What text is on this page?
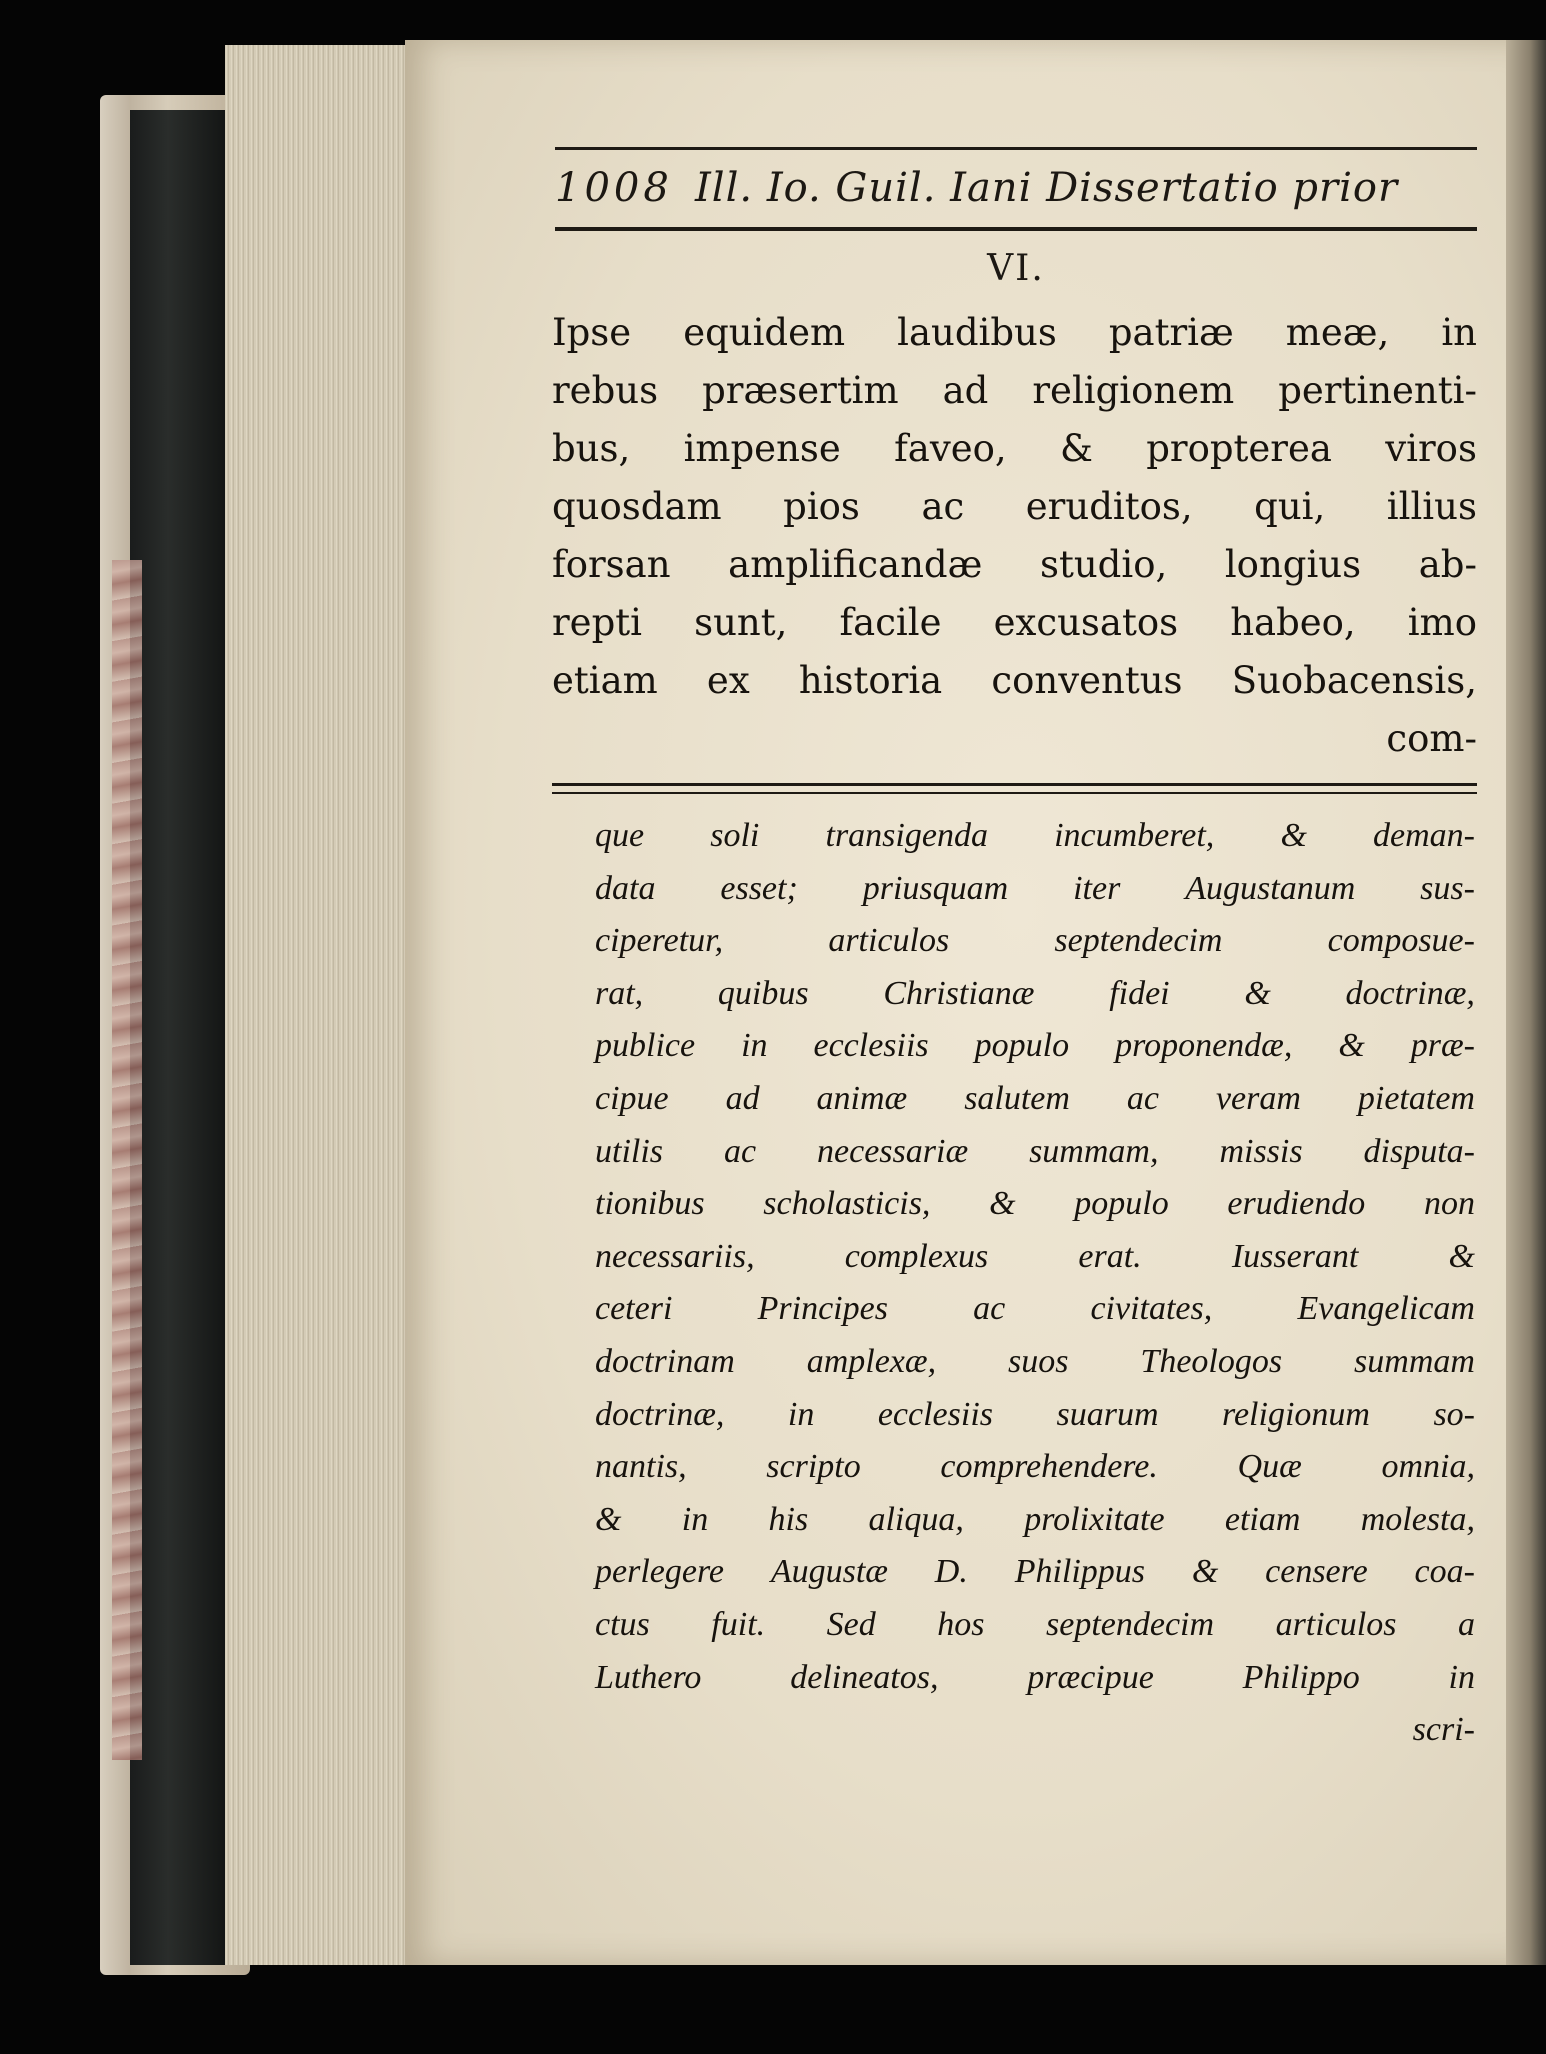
1008 Ill. Io. Guil. Iani Dissertatio prior
VI.
Ipse equidem laudibus patriæ meæ, in
rebus præsertim ad religionem pertinenti-
bus, impense faveo, & propterea viros
quosdam pios ac eruditos, qui, illius
forsan amplificandæ studio, longius ab-
repti sunt, facile excusatos habeo, imo
etiam ex historia conventus Suobacensis,
com-
que soli transigenda incumberet, & deman-
data esset; priusquam iter Augustanum sus-
ciperetur,	articulos	septendecim	composue-
rat, quibus Christianæ fidei & doctrinæ,
publice in ecclesiis populo proponendæ, & præ-
cipue ad animæ salutem ac veram pietatem
utilis ac necessariæ summam, missis disputa-
tionibus scholasticis, & populo erudiendo non
necessariis,	complexus	erat.	Iusserant	&
ceteri	Principes	ac	civitates,	Evangelicam
doctrinam amplexæ, suos Theologos summam
doctrinæ, in ecclesiis suarum religionum so-
nantis, scripto comprehendere. Quæ omnia,
& in his aliqua, prolixitate etiam molesta,
perlegere Augustæ D. Philippus & censere coa-
ctus fuit. Sed hos septendecim articulos a
Luthero	delineatos,	præcipue	Philippo	in
scri-
